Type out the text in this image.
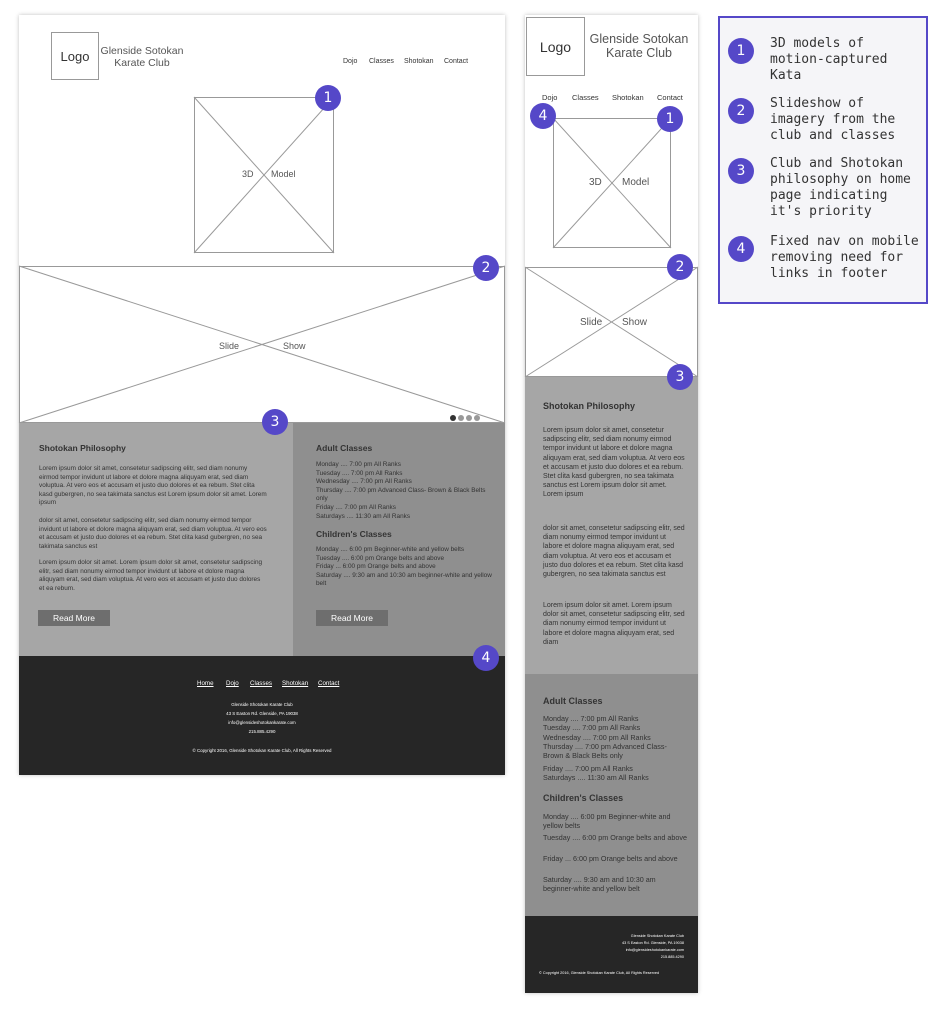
Logo	Glenside Sotokan
Karate Club	Dojo Classes Shotokan Contact
3D Model
Slide	Show
Shotokan Philosophy
Lorem ipsum dolor sit amet, consetetur sadipscing elitr, sed diam nonumy eirmod tempor invidunt ut labore et dolore magna aliquyam erat, sed diam voluptua. At vero eos et accusam et justo duo dolores et ea rebum. Stet clita kasd gubergren, no sea takimata sanctus est Lorem ipsum dolor sit amet. Lorem ipsum
dolor sit amet, consetetur sadipscing elitr, sed diam nonumy eirmod tempor invidunt ut labore et dolore magna aliquyam erat, sed diam voluptua. At vero eos et accusam et justo duo dolores et ea rebum. Stet clita kasd gubergren, no sea takimata sanctus est
Lorem ipsum dolor sit amet. Lorem ipsum dolor sit amet, consetetur sadipscing elitr, sed diam nonumy eirmod tempor invidunt ut labore et dolore magna aliquyam erat, sed diam voluptua. At vero eos et accusam et justo duo dolores et ea rebum.
Read More
Adult Classes
Monday .... 7:00 pm All Ranks
Tuesday .... 7:00 pm All Ranks
Wednesday .... 7:00 pm All Ranks
Thursday .... 7:00 pm Advanced Class- Brown & Black Belts only
Friday .... 7:00 pm All Ranks
Saturdays .... 11:30 am All Ranks
Children's Classes
Monday .... 6:00 pm Beginner-white and yellow belts
Tuesday .... 6:00 pm Orange belts and above
Friday ... 6:00 pm Orange belts and above
Saturday .... 9:30 am and 10:30 am beginner-white and yellow belt
Read More
Home Dojo Classes Shotokan Contact
Glenside Shotokan Karate Club
43 S Easton Rd. Glenside, PA 19038
info@glensideshotokankarate.com
215.885.4290
© Copyright 2016, Glenside Shotokan Karate Club, All Rights Reserved
1
2
3
4
Logo	Glenside Sotokan
Karate Club
Dojo Classes Shotokan Contact
3D Model
Slide Show
Shotokan Philosophy
Lorem ipsum dolor sit amet, consetetur sadipscing elitr, sed diam nonumy eirmod tempor invidunt ut labore et dolore magna aliquyam erat, sed diam voluptua. At vero eos et accusam et justo duo dolores et ea rebum. Stet clita kasd gubergren, no sea takimata sanctus est Lorem ipsum dolor sit amet. Lorem ipsum
dolor sit amet, consetetur sadipscing elitr, sed diam nonumy eirmod tempor invidunt ut labore et dolore magna aliquyam erat, sed diam voluptua. At vero eos et accusam et justo duo dolores et ea rebum. Stet clita kasd gubergren, no sea takimata sanctus est
Lorem ipsum dolor sit amet. Lorem ipsum dolor sit amet, consetetur sadipscing elitr, sed diam nonumy eirmod tempor invidunt ut labore et dolore magna aliquyam erat, sed diam
Adult Classes
Monday .... 7:00 pm All Ranks
Tuesday .... 7:00 pm All Ranks
Wednesday .... 7:00 pm All Ranks
Thursday .... 7:00 pm Advanced Class- Brown & Black Belts only
Friday .... 7:00 pm All Ranks
Saturdays .... 11:30 am All Ranks
Children's Classes
Monday .... 6:00 pm Beginner-white and yellow belts
Tuesday .... 6:00 pm Orange belts and above
Friday ... 6:00 pm Orange belts and above
Saturday .... 9:30 am and 10:30 am beginner-white and yellow belt
Glenside Shotokan Karate Club
43 S Easton Rd. Glenside, PA 19038
info@glensideshotokankarate.com
215.885.4290
© Copyright 2016, Glenside Shotokan Karate Club, All Rights Reserved
4	1
2
3
1	3D models of motion-captured Kata
2	Slideshow of imagery from the club and classes
3	Club and Shotokan philosophy on home page indicating it's priority
4	Fixed nav on mobile removing need for links in footer
